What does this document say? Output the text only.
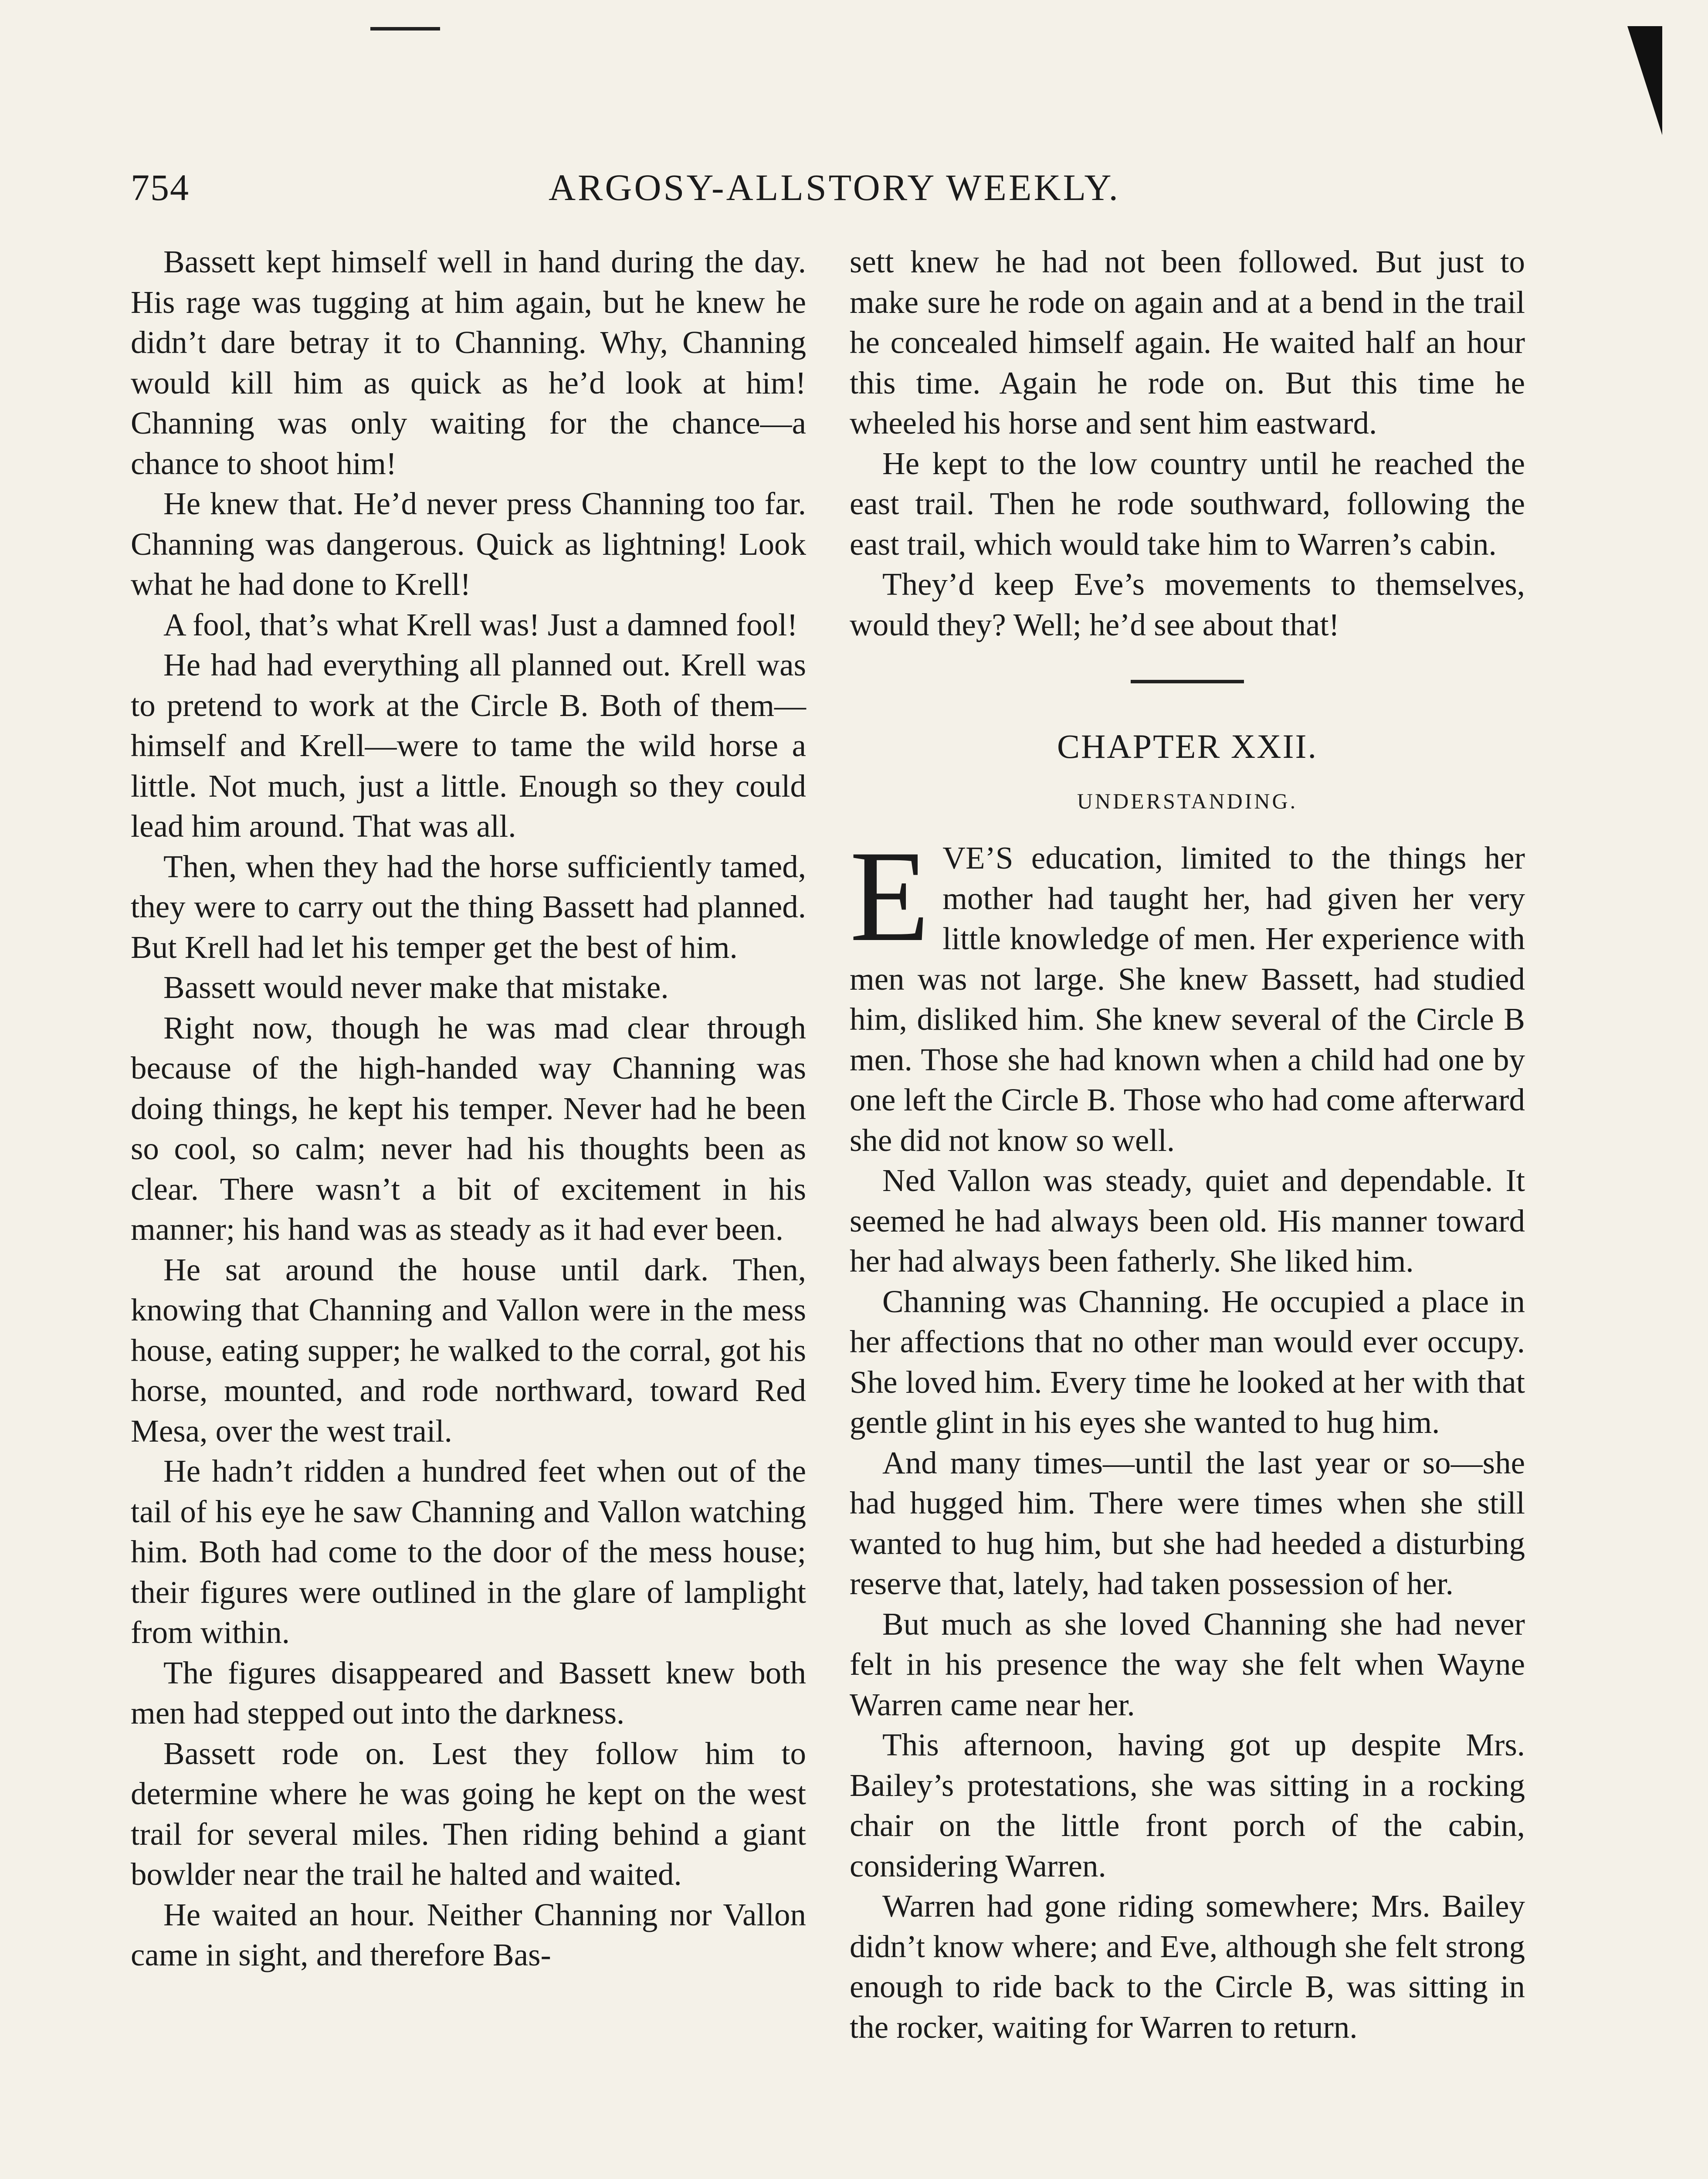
754	ARGOSY-ALLSTORY WEEKLY.

Bassett kept himself well in hand during the day. His rage was tugging at him again, but he knew he didn’t dare betray it to Channing. Why, Channing would kill him as quick as he’d look at him! Channing was only waiting for the chance—a chance to shoot him!

He knew that. He’d never press Channing too far. Channing was dangerous. Quick as lightning! Look what he had done to Krell!

A fool, that’s what Krell was! Just a damned fool!

He had had everything all planned out. Krell was to pretend to work at the Circle B. Both of them—himself and Krell—were to tame the wild horse a little. Not much, just a little. Enough so they could lead him around. That was all.

Then, when they had the horse sufficiently tamed, they were to carry out the thing Bassett had planned. But Krell had let his temper get the best of him.

Bassett would never make that mistake.

Right now, though he was mad clear through because of the high-handed way Channing was doing things, he kept his temper. Never had he been so cool, so calm; never had his thoughts been as clear. There wasn’t a bit of excitement in his manner; his hand was as steady as it had ever been.

He sat around the house until dark. Then, knowing that Channing and Vallon were in the mess house, eating supper; he walked to the corral, got his horse, mounted, and rode northward, toward Red Mesa, over the west trail.

He hadn’t ridden a hundred feet when out of the tail of his eye he saw Channing and Vallon watching him. Both had come to the door of the mess house; their figures were outlined in the glare of lamplight from within.

The figures disappeared and Bassett knew both men had stepped out into the darkness.

Bassett rode on. Lest they follow him to determine where he was going he kept on the west trail for several miles. Then riding behind a giant bowlder near the trail he halted and waited.

He waited an hour. Neither Channing nor Vallon came in sight, and therefore Bas-

sett knew he had not been followed. But just to make sure he rode on again and at a bend in the trail he concealed himself again. He waited half an hour this time. Again he rode on. But this time he wheeled his horse and sent him eastward.

He kept to the low country until he reached the east trail. Then he rode southward, following the east trail, which would take him to Warren’s cabin.

They’d keep Eve’s movements to themselves, would they? Well; he’d see about that!

CHAPTER XXII.
UNDERSTANDING.

EVE’S education, limited to the things her mother had taught her, had given her very little knowledge of men. Her experience with men was not large. She knew Bassett, had studied him, disliked him. She knew several of the Circle B men. Those she had known when a child had one by one left the Circle B. Those who had come afterward she did not know so well.

Ned Vallon was steady, quiet and dependable. It seemed he had always been old. His manner toward her had always been fatherly. She liked him.

Channing was Channing. He occupied a place in her affections that no other man would ever occupy. She loved him. Every time he looked at her with that gentle glint in his eyes she wanted to hug him.

And many times—until the last year or so—she had hugged him. There were times when she still wanted to hug him, but she had heeded a disturbing reserve that, lately, had taken possession of her.

But much as she loved Channing she had never felt in his presence the way she felt when Wayne Warren came near her.

This afternoon, having got up despite Mrs. Bailey’s protestations, she was sitting in a rocking chair on the little front porch of the cabin, considering Warren.

Warren had gone riding somewhere; Mrs. Bailey didn’t know where; and Eve, although she felt strong enough to ride back to the Circle B, was sitting in the rocker, waiting for Warren to return.
